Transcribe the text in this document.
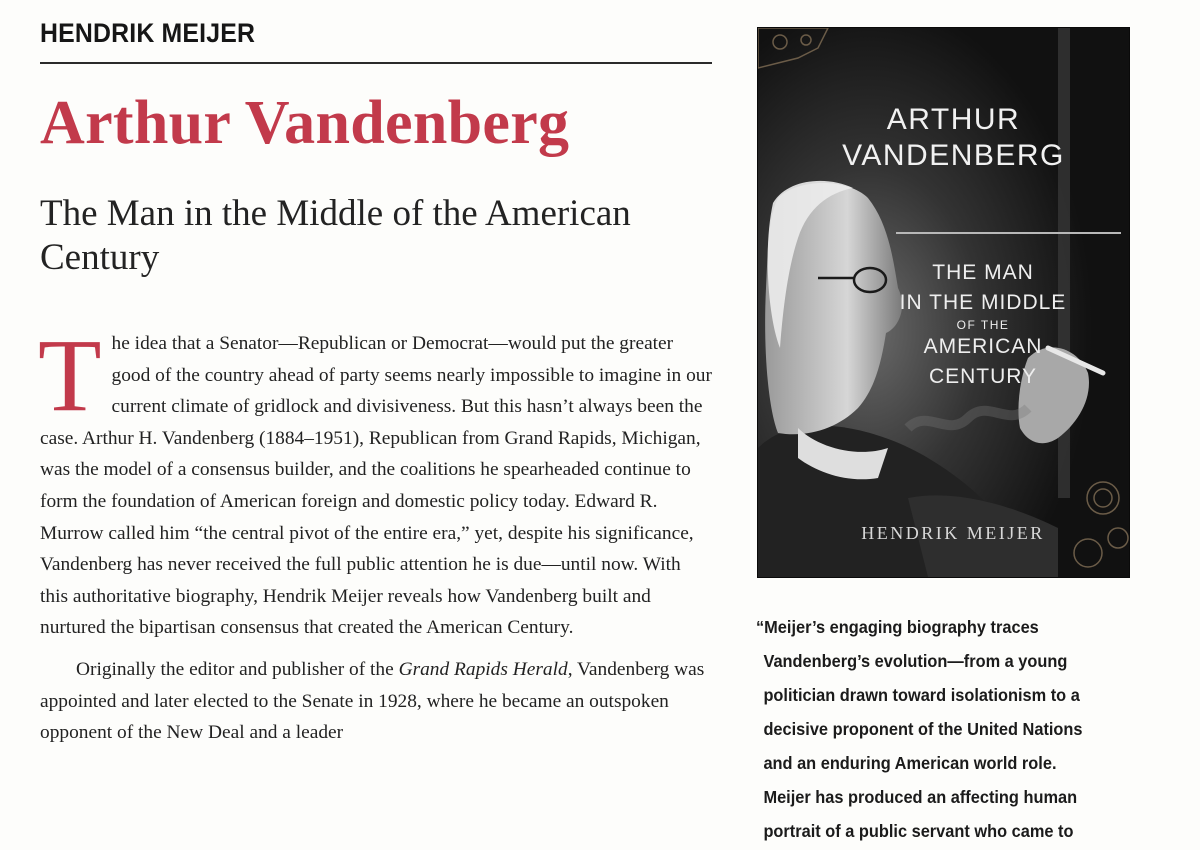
HENDRIK MEIJER
Arthur Vandenberg
The Man in the Middle of the American Century

The idea that a Senator—Republican or Democrat—would put the greater good of the country ahead of party seems nearly impossible to imagine in our current climate of gridlock and divisiveness. But this hasn’t always been the case. Arthur H. Vandenberg (1884–1951), Republican from Grand Rapids, Michigan, was the model of a consensus builder, and the coalitions he spearheaded continue to form the foundation of American foreign and domestic policy today. Edward R. Murrow called him “the central pivot of the entire era,” yet, despite his significance, Vandenberg has never received the full public attention he is due—until now. With this authoritative biography, Hendrik Meijer reveals how Vandenberg built and nurtured the bipartisan consensus that created the American Century.

Originally the editor and publisher of the Grand Rapids Herald, Vandenberg was appointed and later elected to the Senate in 1928, where he became an outspoken opponent of the New Deal and a leader

ARTHUR
VANDENBERG
THE MAN
IN THE MIDDLE
OF THE
AMERICAN
CENTURY
HENDRIK MEIJER
“Meijer’s engaging biography traces
Vandenberg’s evolution—from a young
politician drawn toward isolationism to a
decisive proponent of the United Nations
and an enduring American world role.
Meijer has produced an affecting human
portrait of a public servant who came to
